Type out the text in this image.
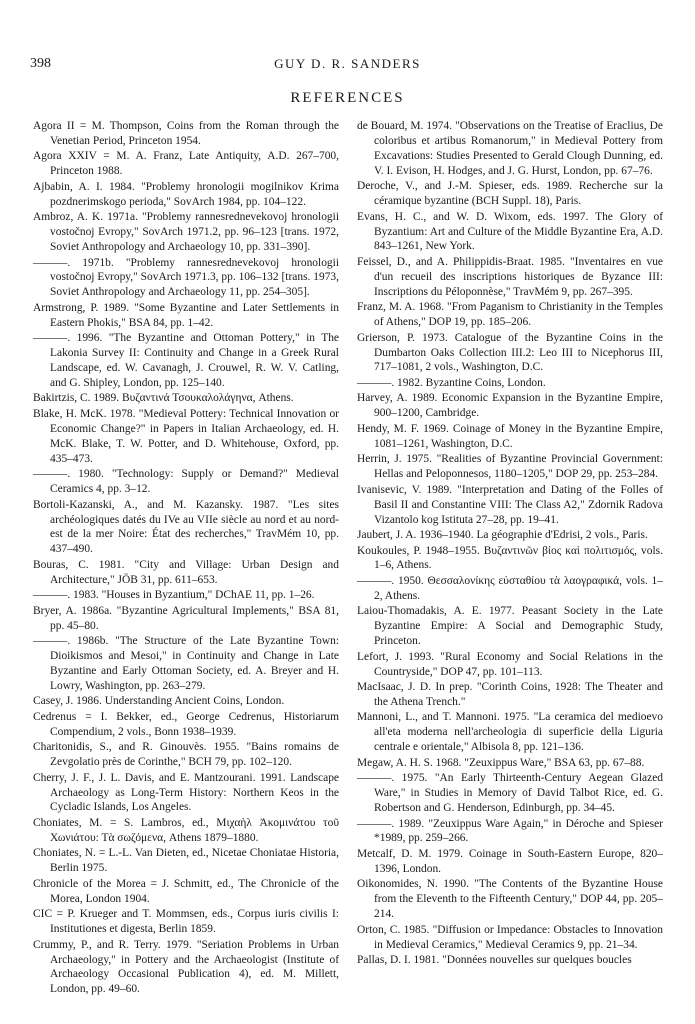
398	GUY D. R. SANDERS
REFERENCES

Agora II = M. Thompson, Coins from the Roman through the Venetian Period, Princeton 1954.

Agora XXIV = M. A. Franz, Late Antiquity, A.D. 267–700, Princeton 1988.

Ajbabin, A. I. 1984. "Problemy hronologii mogilnikov Krima pozdnerimskogo perioda," SovArch 1984, pp. 104–122.

Ambroz, A. K. 1971a. "Problemy rannesrednevekovoj hronologii vostočnoj Evropy," SovArch 1971.2, pp. 96–123 [trans. 1972, Soviet Anthropology and Archaeology 10, pp. 331–390].

———. 1971b. "Problemy rannesrednevekovoj hronologii vostočnoj Evropy," SovArch 1971.3, pp. 106–132 [trans. 1973, Soviet Anthropology and Archaeology 11, pp. 254–305].

Armstrong, P. 1989. "Some Byzantine and Later Settlements in Eastern Phokis," BSA 84, pp. 1–42.

———. 1996. "The Byzantine and Ottoman Pottery," in The Lakonia Survey II: Continuity and Change in a Greek Rural Landscape, ed. W. Cavanagh, J. Crouwel, R. W. V. Catling, and G. Shipley, London, pp. 125–140.

Bakirtzis, C. 1989. Βυζαντινά Τσουκαλολάγηνα, Athens.

Blake, H. McK. 1978. "Medieval Pottery: Technical Innovation or Economic Change?" in Papers in Italian Archaeology, ed. H. McK. Blake, T. W. Potter, and D. Whitehouse, Oxford, pp. 435–473.

———. 1980. "Technology: Supply or Demand?" Medieval Ceramics 4, pp. 3–12.

Bortoli-Kazanski, A., and M. Kazansky. 1987. "Les sites archéologiques datés du IVe au VIIe siècle au nord et au nord-est de la mer Noire: État des recherches," TravMém 10, pp. 437–490.

Bouras, C. 1981. "City and Village: Urban Design and Architecture," JÖB 31, pp. 611–653.

———. 1983. "Houses in Byzantium," DChAE 11, pp. 1–26.

Bryer, A. 1986a. "Byzantine Agricultural Implements," BSA 81, pp. 45–80.

———. 1986b. "The Structure of the Late Byzantine Town: Dioikismos and Mesoi," in Continuity and Change in Late Byzantine and Early Ottoman Society, ed. A. Breyer and H. Lowry, Washington, pp. 263–279.

Casey, J. 1986. Understanding Ancient Coins, London.

Cedrenus = I. Bekker, ed., George Cedrenus, Historiarum Compendium, 2 vols., Bonn 1938–1939.

Charitonidis, S., and R. Ginouvès. 1955. "Bains romains de Zevgolatio près de Corinthe," BCH 79, pp. 102–120.

Cherry, J. F., J. L. Davis, and E. Mantzourani. 1991. Landscape Archaeology as Long-Term History: Northern Keos in the Cycladic Islands, Los Angeles.

Choniates, M. = S. Lambros, ed., Μιχαὴλ Ἀκομινάτου τοῦ Χωνιάτου: Τὰ σωζόμενα, Athens 1879–1880.

Choniates, N. = L.-L. Van Dieten, ed., Nicetae Choniatae Historia, Berlin 1975.

Chronicle of the Morea = J. Schmitt, ed., The Chronicle of the Morea, London 1904.

CIC = P. Krueger and T. Mommsen, eds., Corpus iuris civilis I: Institutiones et digesta, Berlin 1859.

Crummy, P., and R. Terry. 1979. "Seriation Problems in Urban Archaeology," in Pottery and the Archaeologist (Institute of Archaeology Occasional Publication 4), ed. M. Millett, London, pp. 49–60.

de Bouard, M. 1974. "Observations on the Treatise of Eraclius, De coloribus et artibus Romanorum," in Medieval Pottery from Excavations: Studies Presented to Gerald Clough Dunning, ed. V. I. Evison, H. Hodges, and J. G. Hurst, London, pp. 67–76.

Deroche, V., and J.-M. Spieser, eds. 1989. Recherche sur la céramique byzantine (BCH Suppl. 18), Paris.

Evans, H. C., and W. D. Wixom, eds. 1997. The Glory of Byzantium: Art and Culture of the Middle Byzantine Era, A.D. 843–1261, New York.

Feissel, D., and A. Philippidis-Braat. 1985. "Inventaires en vue d'un recueil des inscriptions historiques de Byzance III: Inscriptions du Péloponnèse," TravMém 9, pp. 267–395.

Franz, M. A. 1968. "From Paganism to Christianity in the Temples of Athens," DOP 19, pp. 185–206.

Grierson, P. 1973. Catalogue of the Byzantine Coins in the Dumbarton Oaks Collection III.2: Leo III to Nicephorus III, 717–1081, 2 vols., Washington, D.C.

———. 1982. Byzantine Coins, London.

Harvey, A. 1989. Economic Expansion in the Byzantine Empire, 900–1200, Cambridge.

Hendy, M. F. 1969. Coinage of Money in the Byzantine Empire, 1081–1261, Washington, D.C.

Herrin, J. 1975. "Realities of Byzantine Provincial Government: Hellas and Peloponnesos, 1180–1205," DOP 29, pp. 253–284.

Ivanisevic, V. 1989. "Interpretation and Dating of the Folles of Basil II and Constantine VIII: The Class A2," Zdornik Radova Vizantolo kog Istituta 27–28, pp. 19–41.

Jaubert, J. A. 1936–1940. La géographie d'Edrisi, 2 vols., Paris.

Koukoules, P. 1948–1955. Βυζαντινῶν βίος καὶ πολιτισμός, vols. 1–6, Athens.

———. 1950. Θεσσαλονίκης εὐσταθίου τὰ λαογραφικά, vols. 1–2, Athens.

Laiou-Thomadakis, A. E. 1977. Peasant Society in the Late Byzantine Empire: A Social and Demographic Study, Princeton.

Lefort, J. 1993. "Rural Economy and Social Relations in the Countryside," DOP 47, pp. 101–113.

MacIsaac, J. D. In prep. "Corinth Coins, 1928: The Theater and the Athena Trench."

Mannoni, L., and T. Mannoni. 1975. "La ceramica del medioevo all'eta moderna nell'archeologia di superficie della Liguria centrale e orientale," Albisola 8, pp. 121–136.

Megaw, A. H. S. 1968. "Zeuxippus Ware," BSA 63, pp. 67–88.

———. 1975. "An Early Thirteenth-Century Aegean Glazed Ware," in Studies in Memory of David Talbot Rice, ed. G. Robertson and G. Henderson, Edinburgh, pp. 34–45.

———. 1989. "Zeuxippus Ware Again," in Déroche and Spieser *1989, pp. 259–266.

Metcalf, D. M. 1979. Coinage in South-Eastern Europe, 820–1396, London.

Oikonomides, N. 1990. "The Contents of the Byzantine House from the Eleventh to the Fifteenth Century," DOP 44, pp. 205–214.

Orton, C. 1985. "Diffusion or Impedance: Obstacles to Innovation in Medieval Ceramics," Medieval Ceramics 9, pp. 21–34.

Pallas, D. I. 1981. "Données nouvelles sur quelques boucles
